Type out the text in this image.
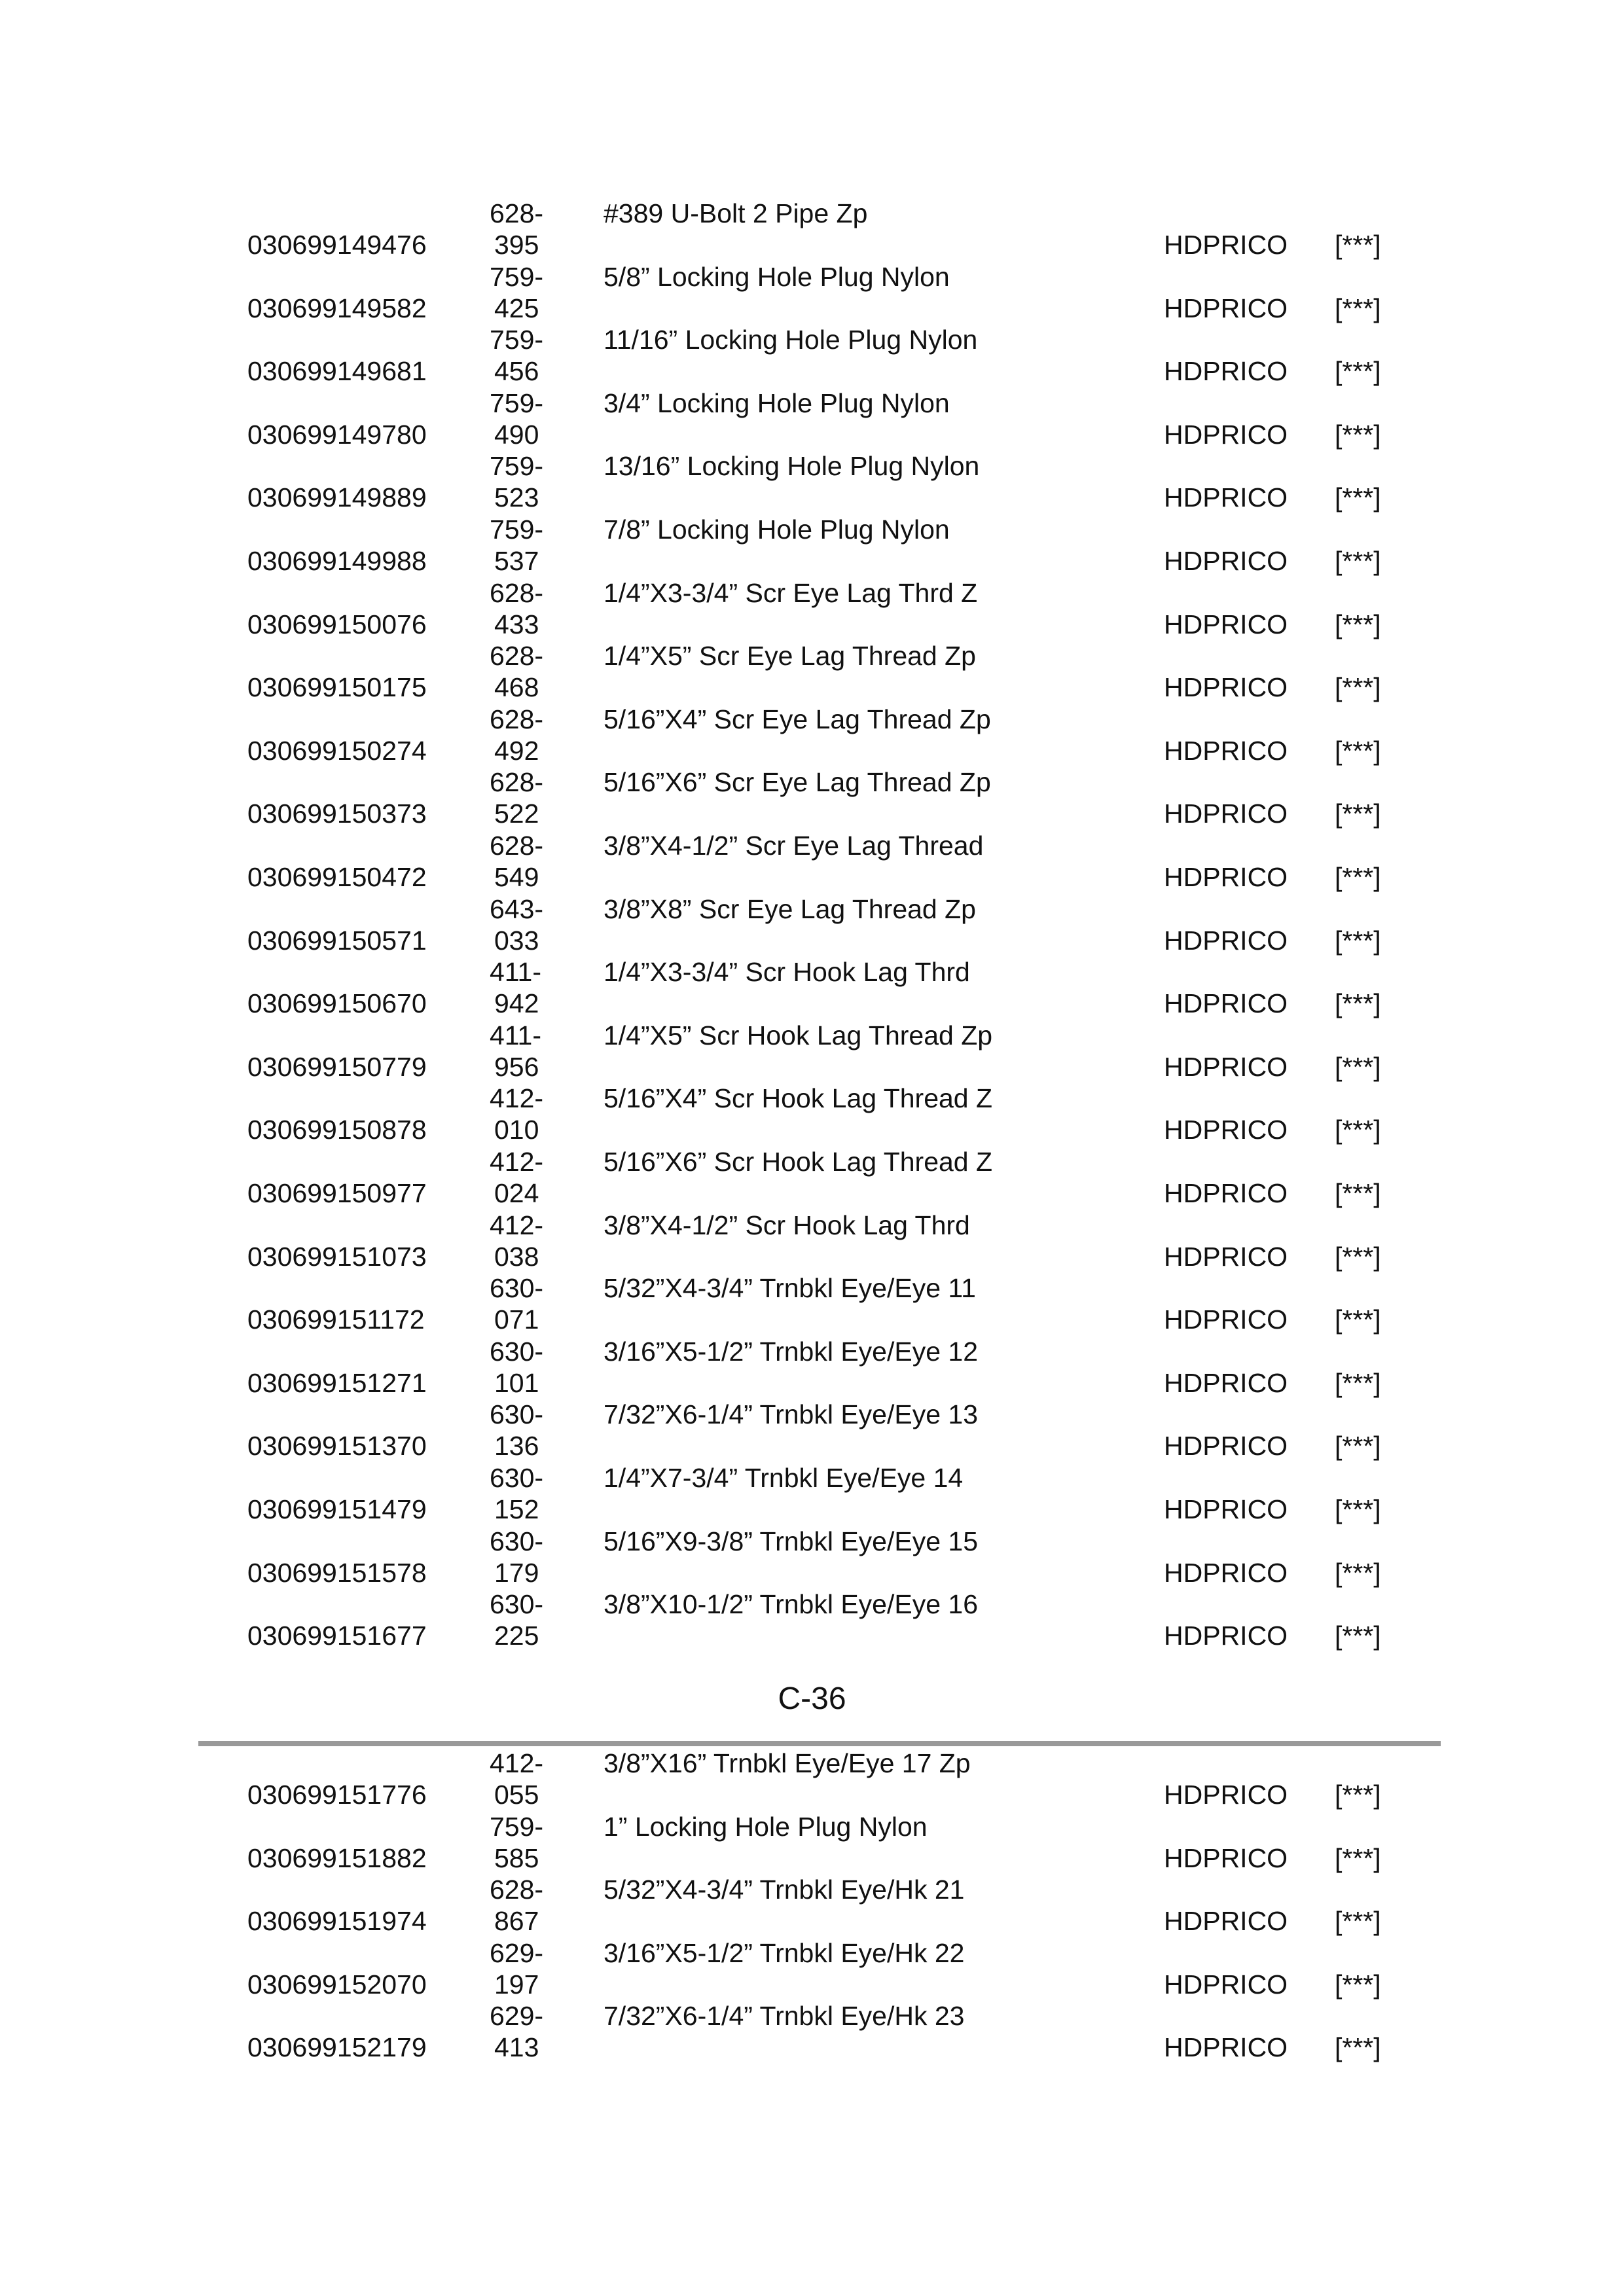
030699149476
628-
395
#389 U-Bolt 2 Pipe Zp
HDPRICO [***]
030699149582
759-
425
5/8” Locking Hole Plug Nylon
HDPRICO [***]
030699149681
759-
456
11/16” Locking Hole Plug Nylon
HDPRICO [***]
030699149780
759-
490
3/4” Locking Hole Plug Nylon
HDPRICO [***]
030699149889
759-
523
13/16” Locking Hole Plug Nylon
HDPRICO [***]
030699149988
759-
537
7/8” Locking Hole Plug Nylon
HDPRICO [***]
030699150076
628-
433
1/4”X3-3/4” Scr Eye Lag Thrd Z
HDPRICO [***]
030699150175
628-
468
1/4”X5” Scr Eye Lag Thread Zp
HDPRICO [***]
030699150274
628-
492
5/16”X4” Scr Eye Lag Thread Zp
HDPRICO [***]
030699150373
628-
522
5/16”X6” Scr Eye Lag Thread Zp
HDPRICO [***]
030699150472
628-
549
3/8”X4-1/2” Scr Eye Lag Thread
HDPRICO [***]
030699150571
643-
033
3/8”X8” Scr Eye Lag Thread Zp
HDPRICO [***]
030699150670
411-
942
1/4”X3-3/4” Scr Hook Lag Thrd
HDPRICO [***]
030699150779
411-
956
1/4”X5” Scr Hook Lag Thread Zp
HDPRICO [***]
030699150878
412-
010
5/16”X4” Scr Hook Lag Thread Z
HDPRICO [***]
030699150977
412-
024
5/16”X6” Scr Hook Lag Thread Z
HDPRICO [***]
030699151073
412-
038
3/8”X4-1/2” Scr Hook Lag Thrd
HDPRICO [***]
030699151172
630-
071
5/32”X4-3/4” Trnbkl Eye/Eye 11
HDPRICO [***]
030699151271
630-
101
3/16”X5-1/2” Trnbkl Eye/Eye 12
HDPRICO [***]
030699151370
630-
136
7/32”X6-1/4” Trnbkl Eye/Eye 13
HDPRICO [***]
030699151479
630-
152
1/4”X7-3/4” Trnbkl Eye/Eye 14
HDPRICO [***]
030699151578
630-
179
5/16”X9-3/8” Trnbkl Eye/Eye 15
HDPRICO [***]
030699151677
630-
225
3/8”X10-1/2” Trnbkl Eye/Eye 16
HDPRICO [***]
C-36
030699151776
412-
055
3/8”X16” Trnbkl Eye/Eye 17 Zp
HDPRICO [***]
030699151882
759-
585
1” Locking Hole Plug Nylon
HDPRICO [***]
030699151974
628-
867
5/32”X4-3/4” Trnbkl Eye/Hk 21
HDPRICO [***]
030699152070
629-
197
3/16”X5-1/2” Trnbkl Eye/Hk 22
HDPRICO [***]
030699152179
629-
413
7/32”X6-1/4” Trnbkl Eye/Hk 23
HDPRICO [***]
